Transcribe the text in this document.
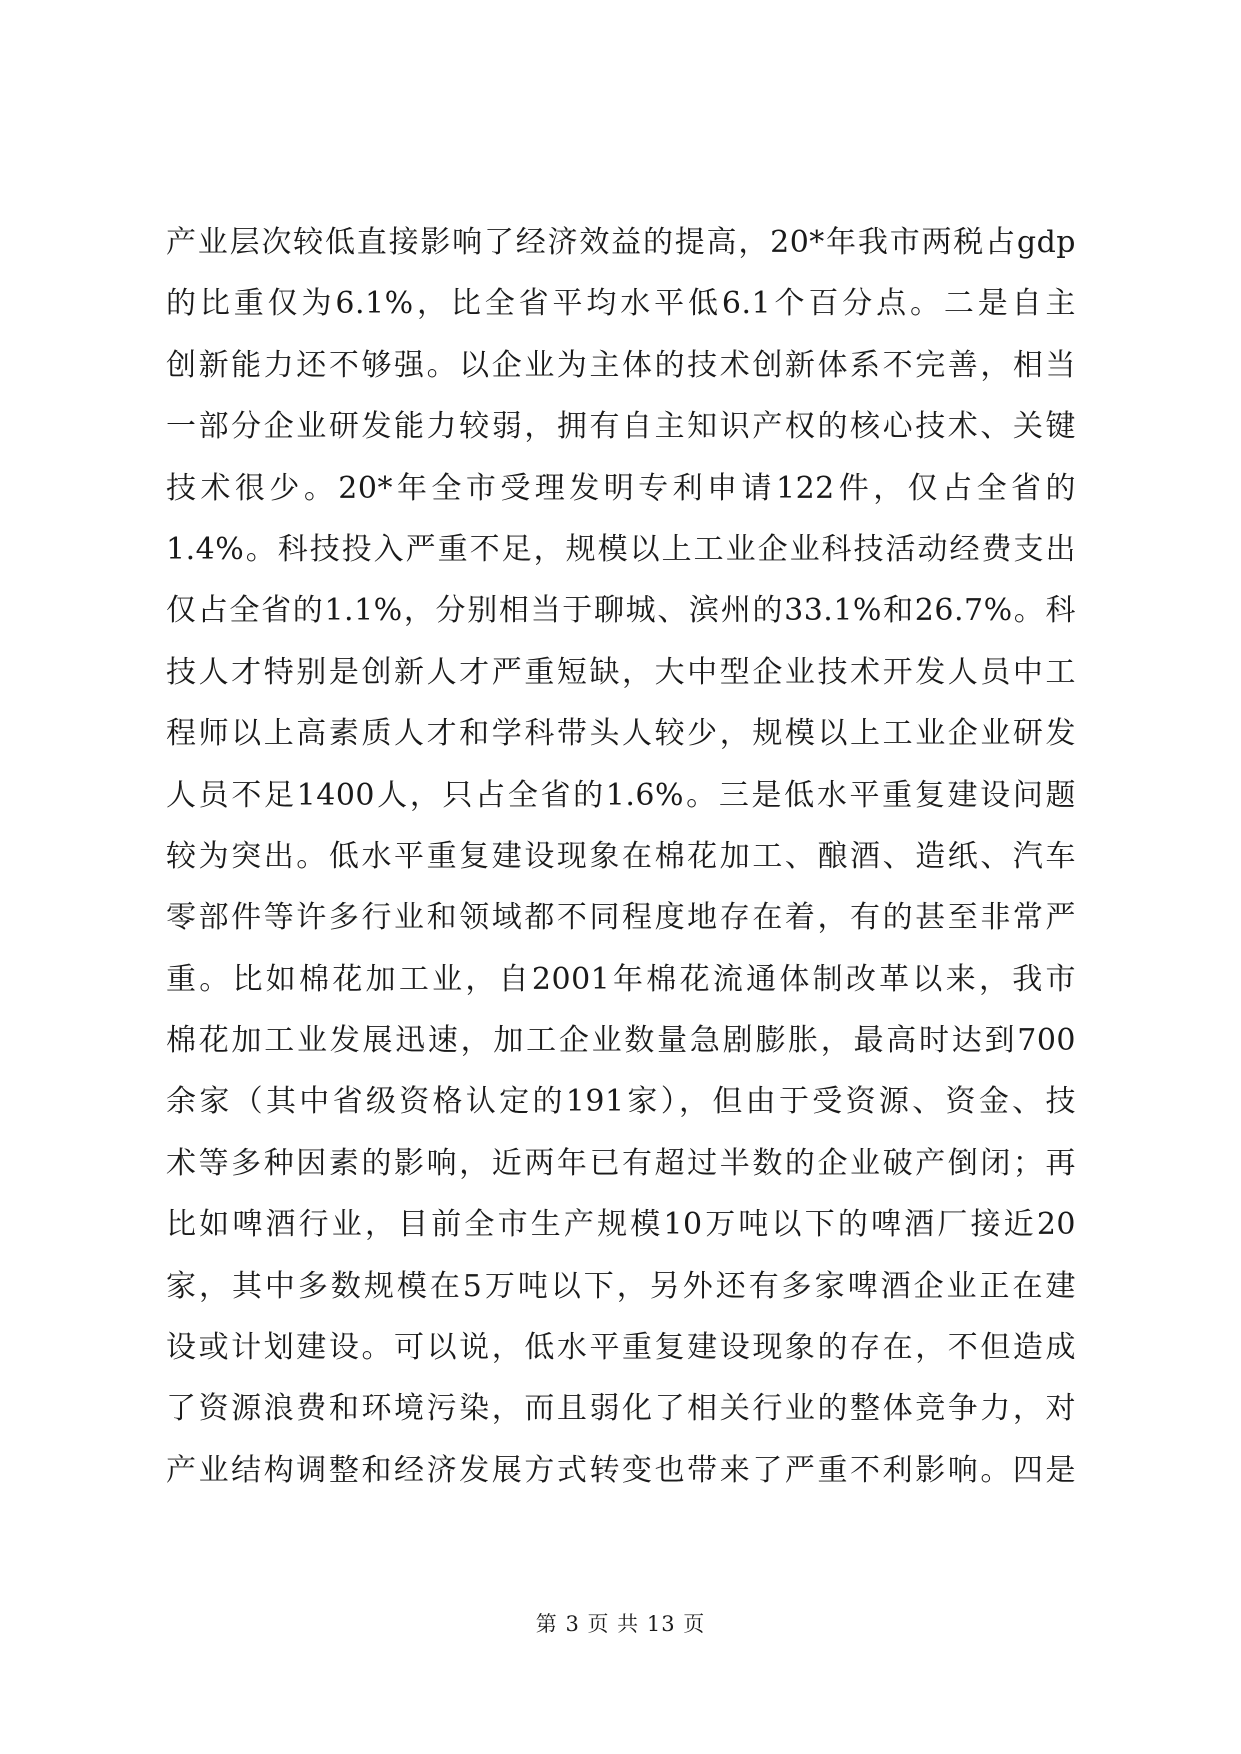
产业层次较低直接影响了经济效益的提高，20*年我市两税占gdp
的比重仅为6.1%，比全省平均水平低6.1个百分点。二是自主
创新能力还不够强。以企业为主体的技术创新体系不完善，相当
一部分企业研发能力较弱，拥有自主知识产权的核心技术、关键
技术很少。20*年全市受理发明专利申请122件，仅占全省的
1.4%。科技投入严重不足，规模以上工业企业科技活动经费支出
仅占全省的1.1%，分别相当于聊城、滨州的33.1%和26.7%。科
技人才特别是创新人才严重短缺，大中型企业技术开发人员中工
程师以上高素质人才和学科带头人较少，规模以上工业企业研发
人员不足1400人，只占全省的1.6%。三是低水平重复建设问题
较为突出。低水平重复建设现象在棉花加工、酿酒、造纸、汽车
零部件等许多行业和领域都不同程度地存在着，有的甚至非常严
重。比如棉花加工业，自2001年棉花流通体制改革以来，我市
棉花加工业发展迅速，加工企业数量急剧膨胀，最高时达到700
余家（其中省级资格认定的191家），但由于受资源、资金、技
术等多种因素的影响，近两年已有超过半数的企业破产倒闭；再
比如啤酒行业，目前全市生产规模10万吨以下的啤酒厂接近20
家，其中多数规模在5万吨以下，另外还有多家啤酒企业正在建
设或计划建设。可以说，低水平重复建设现象的存在，不但造成
了资源浪费和环境污染，而且弱化了相关行业的整体竞争力，对
产业结构调整和经济发展方式转变也带来了严重不利影响。四是
第 3 页 共 13 页
